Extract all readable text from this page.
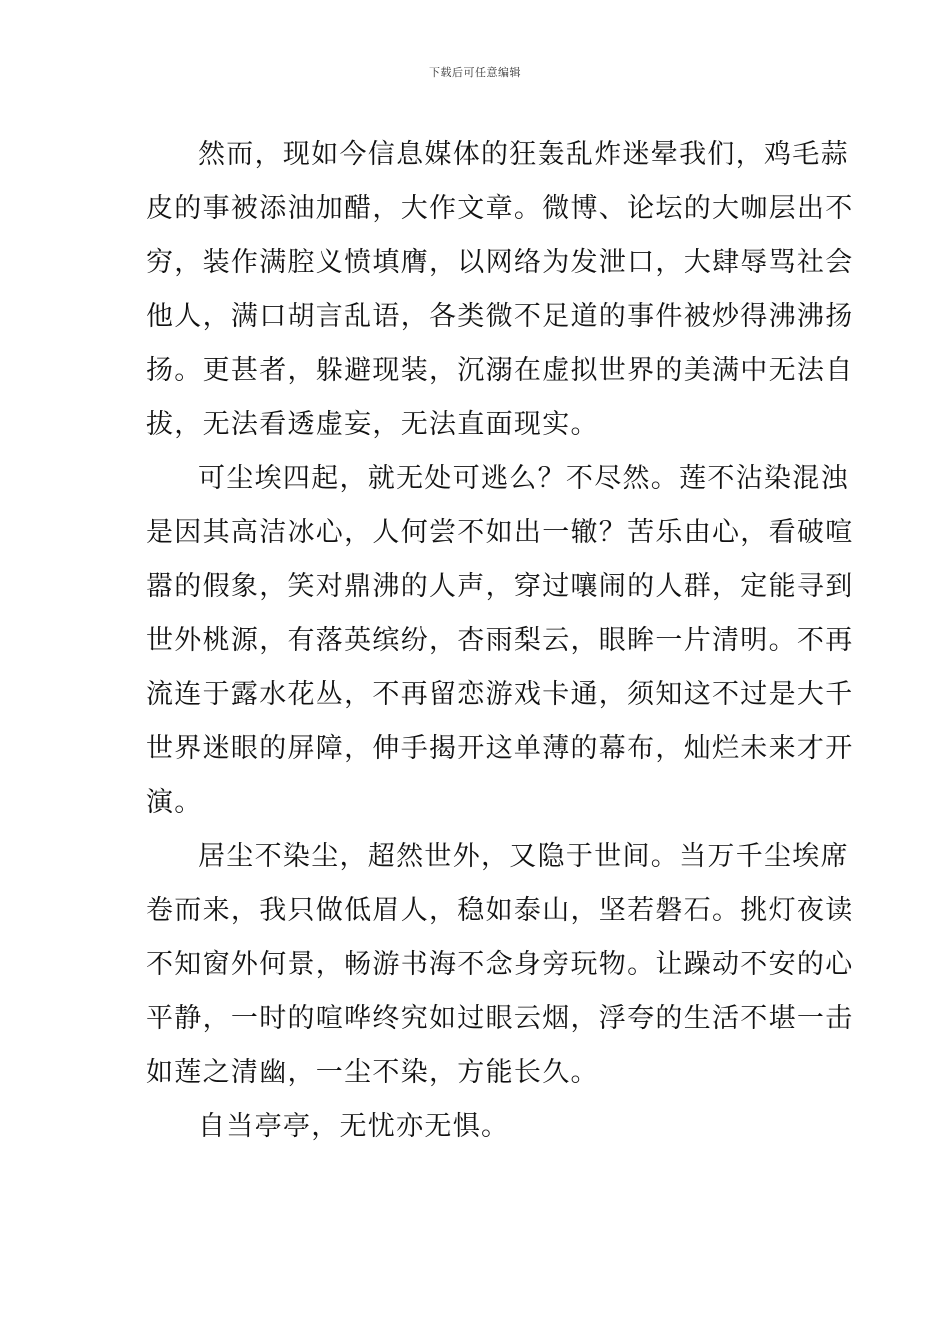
下载后可任意编辑
然而，现如今信息媒体的狂轰乱炸迷晕我们，鸡毛蒜
皮的事被添油加醋，大作文章。微博、论坛的大咖层出不
穷，装作满腔义愤填膺，以网络为发泄口，大肆辱骂社会
他人，满口胡言乱语，各类微不足道的事件被炒得沸沸扬
扬。更甚者，躲避现装，沉溺在虚拟世界的美满中无法自
拔，无法看透虚妄，无法直面现实。
可尘埃四起，就无处可逃么？不尽然。莲不沾染混浊
是因其高洁冰心，人何尝不如出一辙？苦乐由心，看破喧
嚣的假象，笑对鼎沸的人声，穿过嚷闹的人群，定能寻到
世外桃源，有落英缤纷，杏雨梨云，眼眸一片清明。不再
流连于露水花丛，不再留恋游戏卡通，须知这不过是大千
世界迷眼的屏障，伸手揭开这单薄的幕布，灿烂未来才开
演。
居尘不染尘，超然世外，又隐于世间。当万千尘埃席
卷而来，我只做低眉人，稳如泰山，坚若磐石。挑灯夜读
不知窗外何景，畅游书海不念身旁玩物。让躁动不安的心
平静，一时的喧哗终究如过眼云烟，浮夸的生活不堪一击
如莲之清幽，一尘不染，方能长久。
自当亭亭，无忧亦无惧。
